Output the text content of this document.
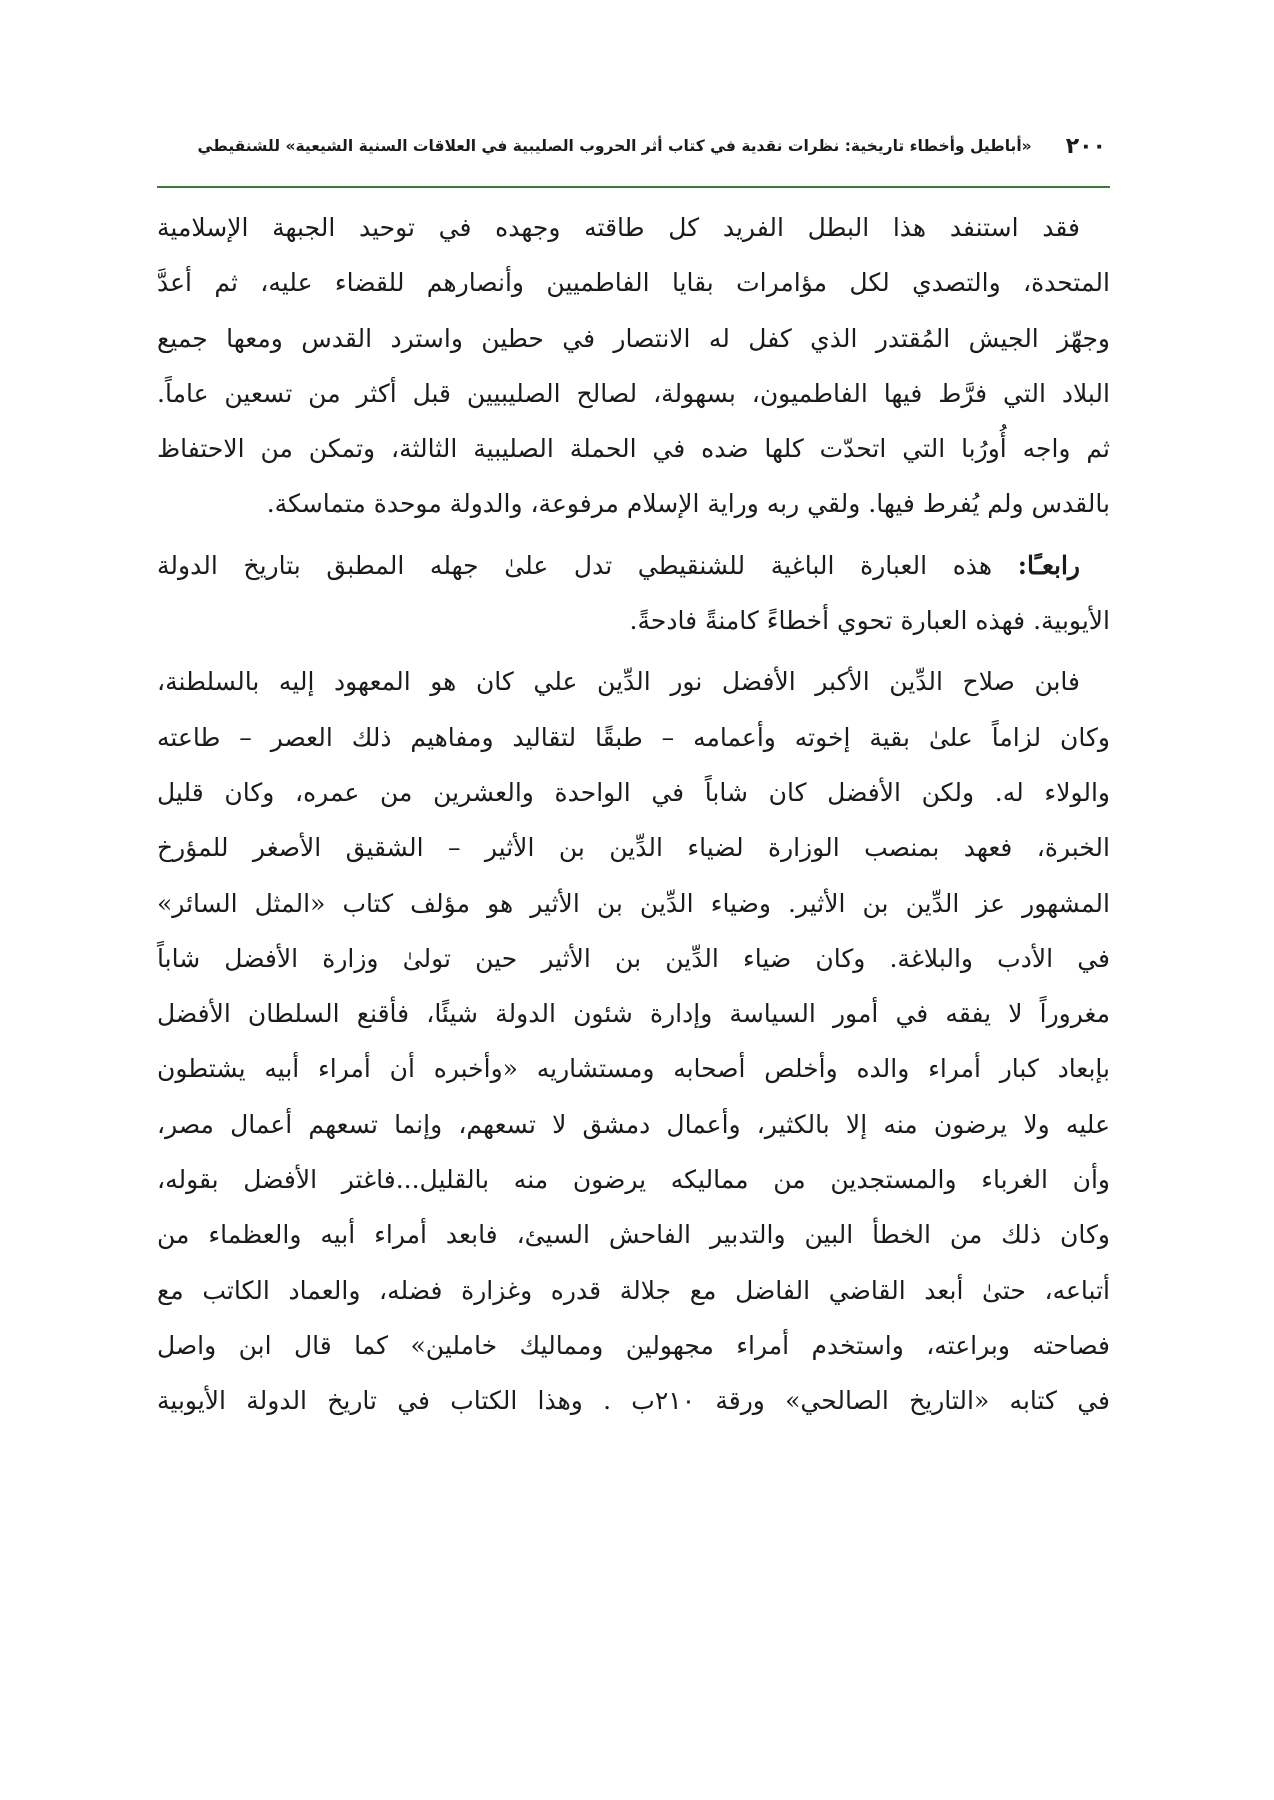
٢٠٠
«أباطيل وأخطاء تاريخية: نظرات نقدية في كتاب أثر الحروب الصليبية في العلاقات السنية الشيعية» للشنقيطي
فقد استنفد هذا البطل الفريد كل طاقته وجهده في توحيد الجبهة الإسلامية
المتحدة، والتصدي لكل مؤامرات بقايا الفاطميين وأنصارهم للقضاء عليه، ثم أعدَّ
وجهّز الجيش المُقتدر الذي كفل له الانتصار في حطين واسترد القدس ومعها جميع
البلاد التي فرَّط فيها الفاطميون، بسهولة، لصالح الصليبيين قبل أكثر من تسعين عاماً.
ثم واجه أُورُبا التي اتحدّت كلها ضده في الحملة الصليبية الثالثة، وتمكن من الاحتفاظ
بالقدس ولم يُفرط فيها. ولقي ربه وراية الإسلام مرفوعة، والدولة موحدة متماسكة.
رابعـًا: هذه العبارة الباغية للشنقيطي تدل علىٰ جهله المطبق بتاريخ الدولة
الأيوبية. فهذه العبارة تحوي أخطاءً كامنةً فادحةً.
فابن صلاح الدِّين الأكبر الأفضل نور الدِّين علي كان هو المعهود إليه بالسلطنة،
وكان لزاماً علىٰ بقية إخوته وأعمامه – طبقًا لتقاليد ومفاهيم ذلك العصر – طاعته
والولاء له. ولكن الأفضل كان شاباً في الواحدة والعشرين من عمره، وكان قليل
الخبرة، فعهد بمنصب الوزارة لضياء الدِّين بن الأثير – الشقيق الأصغر للمؤرخ
المشهور عز الدِّين بن الأثير. وضياء الدِّين بن الأثير هو مؤلف كتاب «المثل السائر»
في الأدب والبلاغة. وكان ضياء الدِّين بن الأثير حين تولىٰ وزارة الأفضل شاباً
مغروراً لا يفقه في أمور السياسة وإدارة شئون الدولة شيئًا، فأقنع السلطان الأفضل
بإبعاد كبار أمراء والده وأخلص أصحابه ومستشاريه «وأخبره أن أمراء أبيه يشتطون
عليه ولا يرضون منه إلا بالكثير، وأعمال دمشق لا تسعهم، وإنما تسعهم أعمال مصر،
وأن الغرباء والمستجدين من مماليكه يرضون منه بالقليل...فاغتر الأفضل بقوله،
وكان ذلك من الخطأ البين والتدبير الفاحش السيئ، فابعد أمراء أبيه والعظماء من
أتباعه، حتىٰ أبعد القاضي الفاضل مع جلالة قدره وغزارة فضله، والعماد الكاتب مع
فصاحته وبراعته، واستخدم أمراء مجهولين ومماليك خاملين» كما قال ابن واصل
في كتابه «التاريخ الصالحي» ورقة ٢١٠ب . وهذا الكتاب في تاريخ الدولة الأيوبية
